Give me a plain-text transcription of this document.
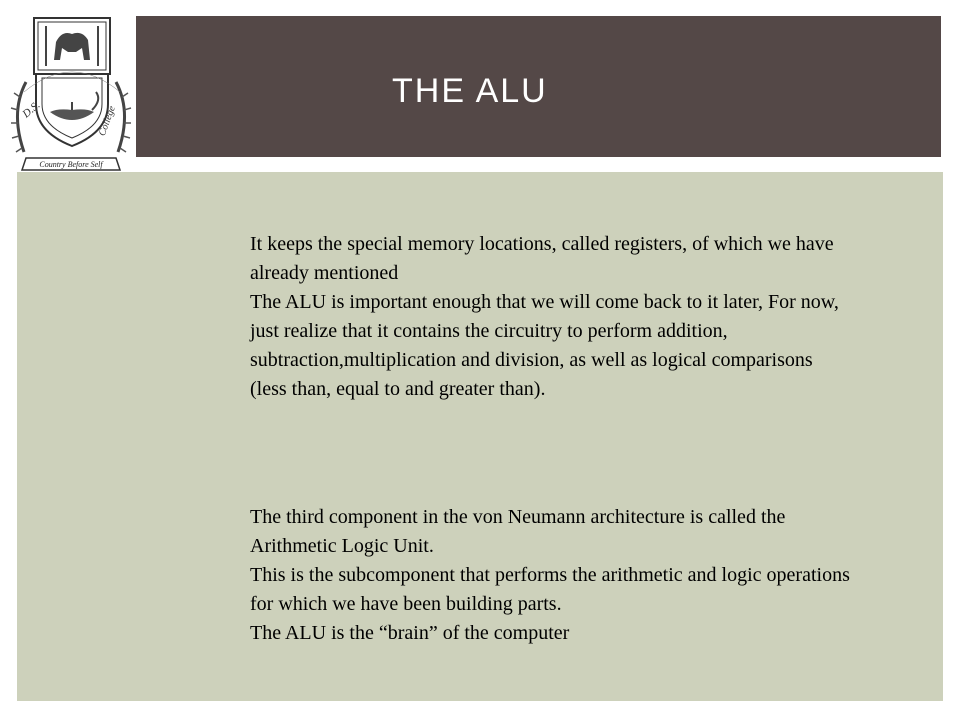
D.S.	College
Country Before Self
THE ALU

It keeps the special memory locations, called registers, of which we have already mentioned

The ALU is important enough that we will come back to it later, For now, just realize that it contains the circuitry to perform addition, subtraction,multiplication and division, as well as logical comparisons (less than, equal to and greater than).

The third component in the von Neumann architecture is called the Arithmetic Logic Unit.

This is the subcomponent that performs the arithmetic and logic operations for which we have been building parts.

The ALU is the “brain” of the computer
